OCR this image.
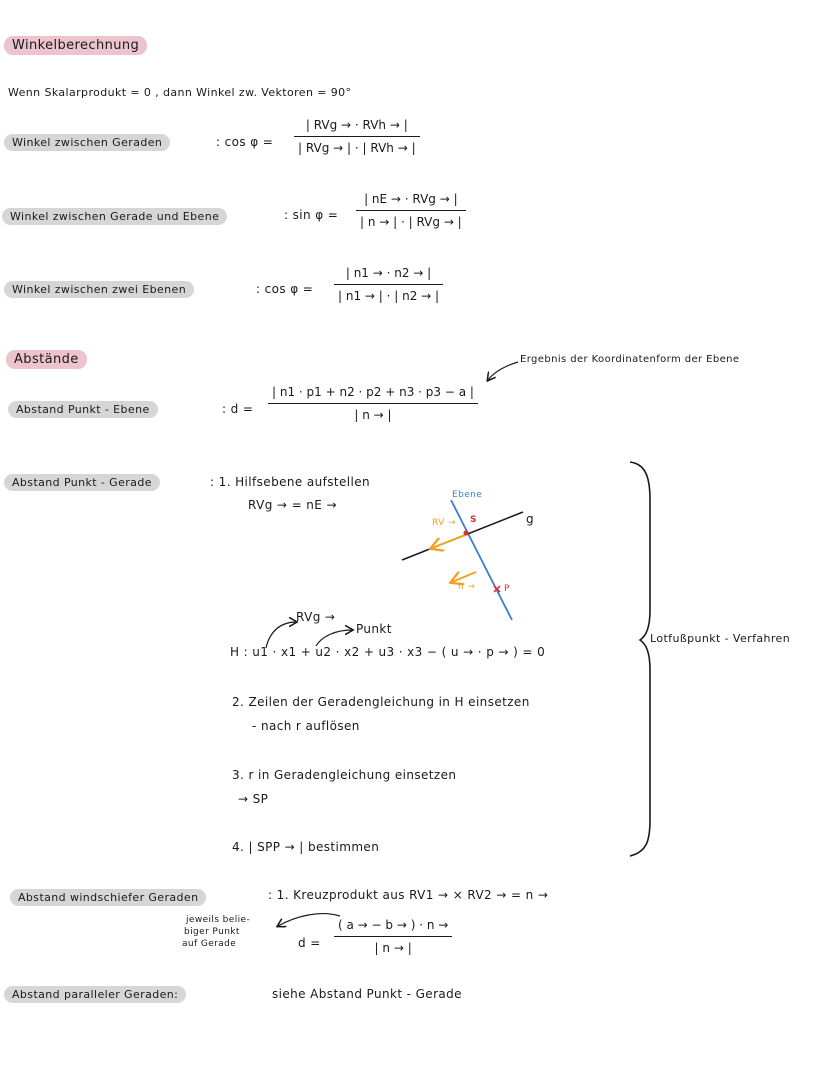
Winkelberechnung
Wenn Skalarprodukt = 0 , dann Winkel zw. Vektoren = 90°
Winkel zwischen Geraden	: cos φ =
| RVg → · RVh → |
| RVg → | · | RVh → |
Winkel zwischen Gerade und Ebene	: sin φ =
| nE → · RVg → |
| n → | · | RVg → |
Winkel zwischen zwei Ebenen	: cos φ =
| n1 → · n2 → |
| n1 → | · | n2 → |
Abstände	Ergebnis der Koordinatenform der Ebene
Abstand Punkt - Ebene	: d =
| n1 · p1 + n2 · p2 + n3 · p3 − a |
| n → |
Abstand Punkt - Gerade	: 1. Hilfsebene aufstellen
RVg → = nE →
Ebene
g
S
P
RV →
n →
RVg →
Punkt
H : u1 · x1 + u2 · x2 + u3 · x3 − ( u → · p → ) = 0
2. Zeilen der Geradengleichung in H einsetzen
- nach r auflösen
3. r in Geradengleichung einsetzen
→ SP
4. | SPP → | bestimmen
Lotfußpunkt - Verfahren
Abstand windschiefer Geraden	: 1. Kreuzprodukt aus RV1 → × RV2 → = n →
jeweils belie-
biger Punkt
auf Gerade	d =
( a → − b → ) · n →
| n → |
Abstand paralleler Geraden:	siehe Abstand Punkt - Gerade
